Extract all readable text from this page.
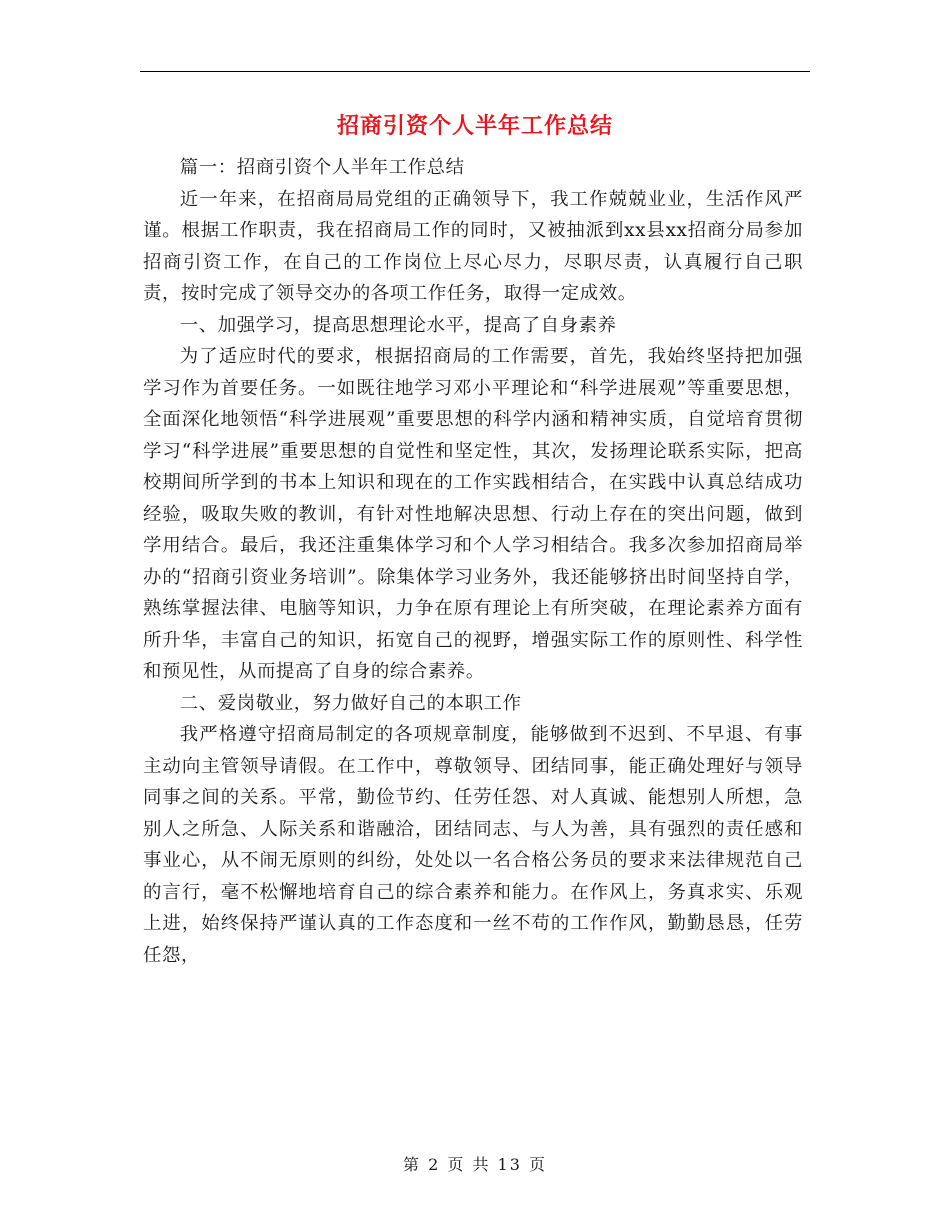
招商引资个人半年工作总结

篇一：招商引资个人半年工作总结

近一年来，在招商局局党组的正确领导下，我工作兢兢业业，生活作风严谨。根据工作职责，我在招商局工作的同时，又被抽派到xx县xx招商分局参加招商引资工作，在自己的工作岗位上尽心尽力，尽职尽责，认真履行自己职责，按时完成了领导交办的各项工作任务，取得一定成效。

一、加强学习，提高思想理论水平，提高了自身素养

为了适应时代的要求，根据招商局的工作需要，首先，我始终坚持把加强学习作为首要任务。一如既往地学习邓小平理论和“科学进展观”等重要思想，全面深化地领悟“科学进展观”重要思想的科学内涵和精神实质，自觉培育贯彻学习“科学进展”重要思想的自觉性和坚定性，其次，发扬理论联系实际，把高校期间所学到的书本上知识和现在的工作实践相结合，在实践中认真总结成功经验，吸取失败的教训，有针对性地解决思想、行动上存在的突出问题，做到学用结合。最后，我还注重集体学习和个人学习相结合。我多次参加招商局举办的“招商引资业务培训”。除集体学习业务外，我还能够挤出时间坚持自学，熟练掌握法律、电脑等知识，力争在原有理论上有所突破，在理论素养方面有所升华，丰富自己的知识，拓宽自己的视野，增强实际工作的原则性、科学性和预见性，从而提高了自身的综合素养。

二、爱岗敬业，努力做好自己的本职工作

我严格遵守招商局制定的各项规章制度，能够做到不迟到、不早退、有事主动向主管领导请假。在工作中，尊敬领导、团结同事，能正确处理好与领导同事之间的关系。平常，勤俭节约、任劳任怨、对人真诚、能想别人所想，急别人之所急、人际关系和谐融洽，团结同志、与人为善，具有强烈的责任感和事业心，从不闹无原则的纠纷，处处以一名合格公务员的要求来法律规范自己的言行，毫不松懈地培育自己的综合素养和能力。在作风上，务真求实、乐观上进，始终保持严谨认真的工作态度和一丝不苟的工作作风，勤勤恳恳，任劳任怨，

第 2 页 共 13 页
